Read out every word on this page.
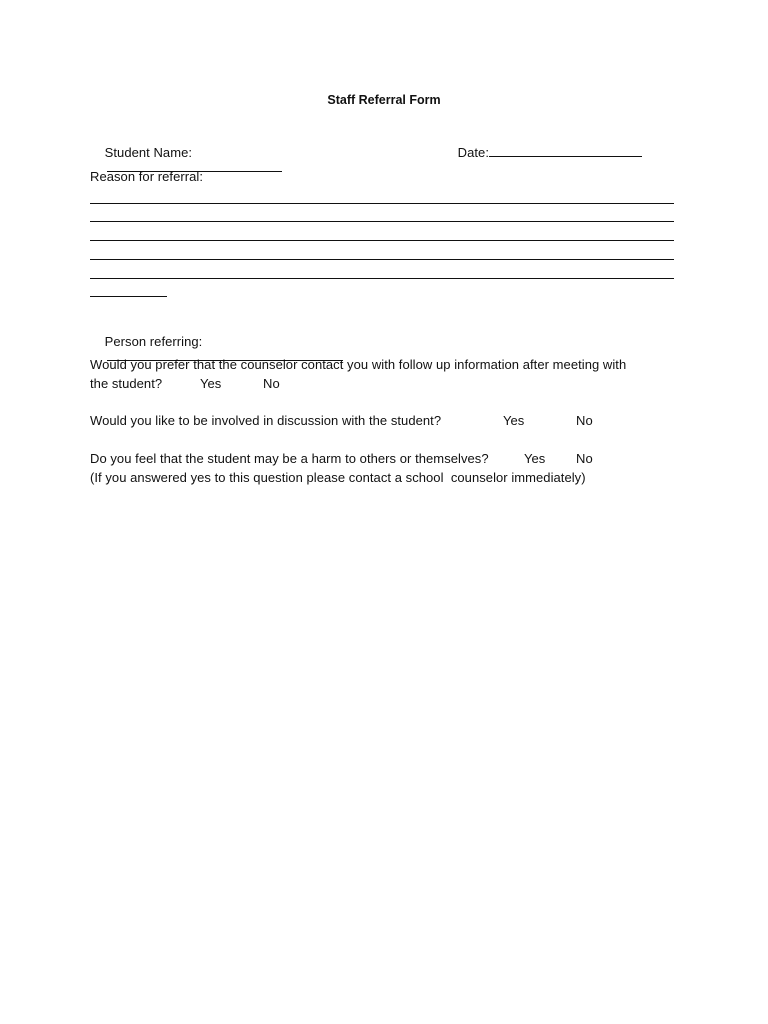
Staff Referral Form

Student Name:

	Date:

Reason for referral:

Person referring:

Would you prefer that the counselor contact you with follow up information after meeting with
the student?	Yes	No
Would you like to be involved in discussion with the student?	Yes	No
Do you feel that the student may be a harm to others or themselves?	Yes No
(If you answered yes to this question please contact a school  counselor immediately)
